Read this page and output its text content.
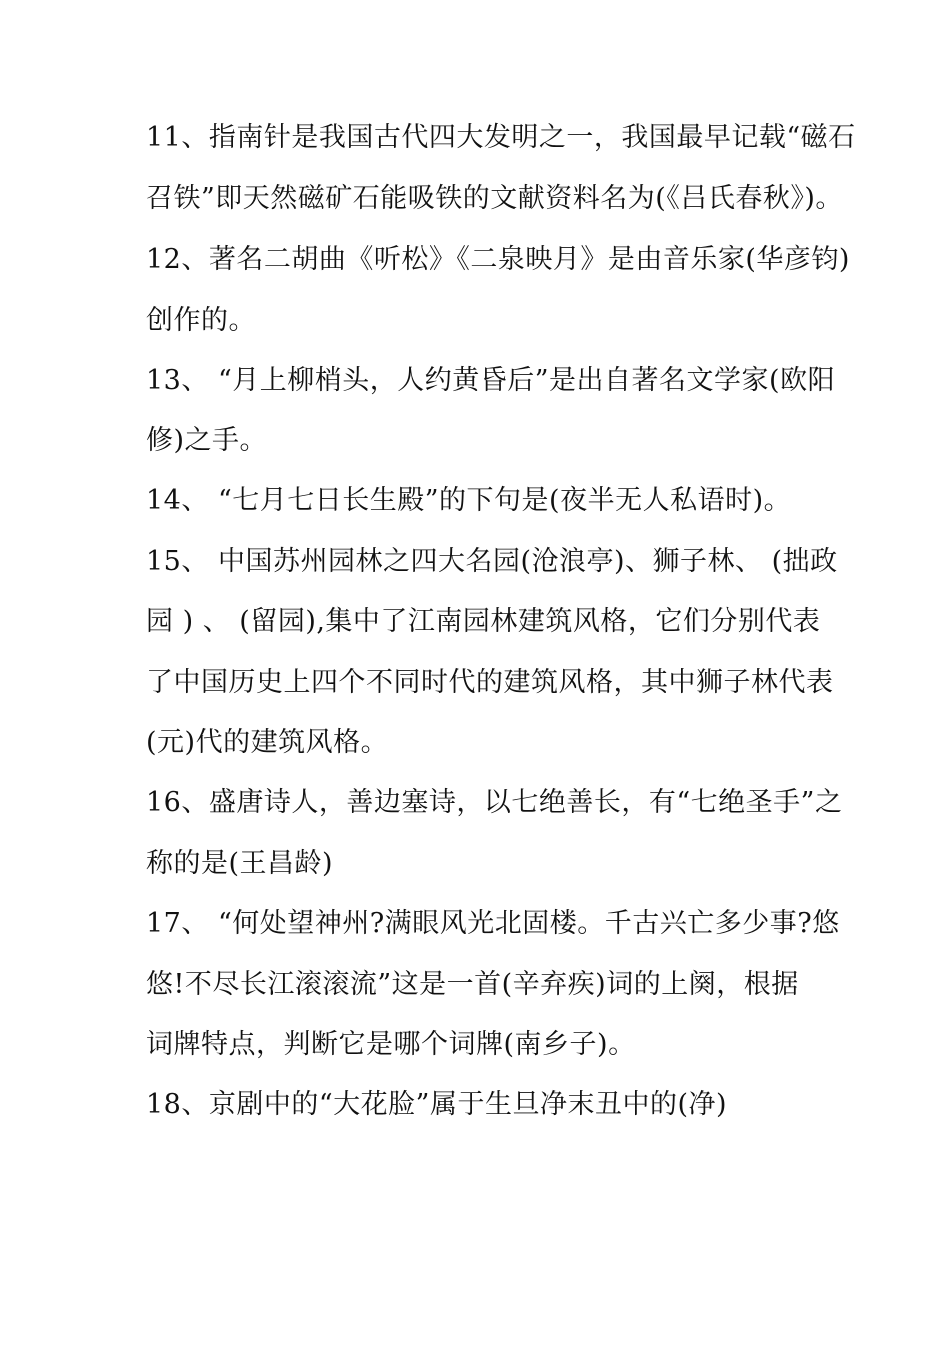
11、指南针是我国古代四大发明之一，我国最早记载“磁石
召铁”即天然磁矿石能吸铁的文献资料名为(《吕氏春秋》)。
12、著名二胡曲《听松》《二泉映月》是由音乐家(华彦钧)
创作的。
13、 “月上柳梢头，人约黄昏后”是出自著名文学家(欧阳
修)之手。
14、 “七月七日长生殿”的下句是(夜半无人私语时)。
15、 中国苏州园林之四大名园(沧浪亭)、狮子林、 (拙政
园 ) 、 (留园),集中了江南园林建筑风格，它们分别代表
了中国历史上四个不同时代的建筑风格，其中狮子林代表
(元)代的建筑风格。
16、盛唐诗人，善边塞诗，以七绝善长，有“七绝圣手”之
称的是(王昌龄)
17、 “何处望神州?满眼风光北固楼。千古兴亡多少事?悠
悠!不尽长江滚滚流”这是一首(辛弃疾)词的上阕，根据
词牌特点，判断它是哪个词牌(南乡子)。
18、京剧中的“大花脸”属于生旦净末丑中的(净)
